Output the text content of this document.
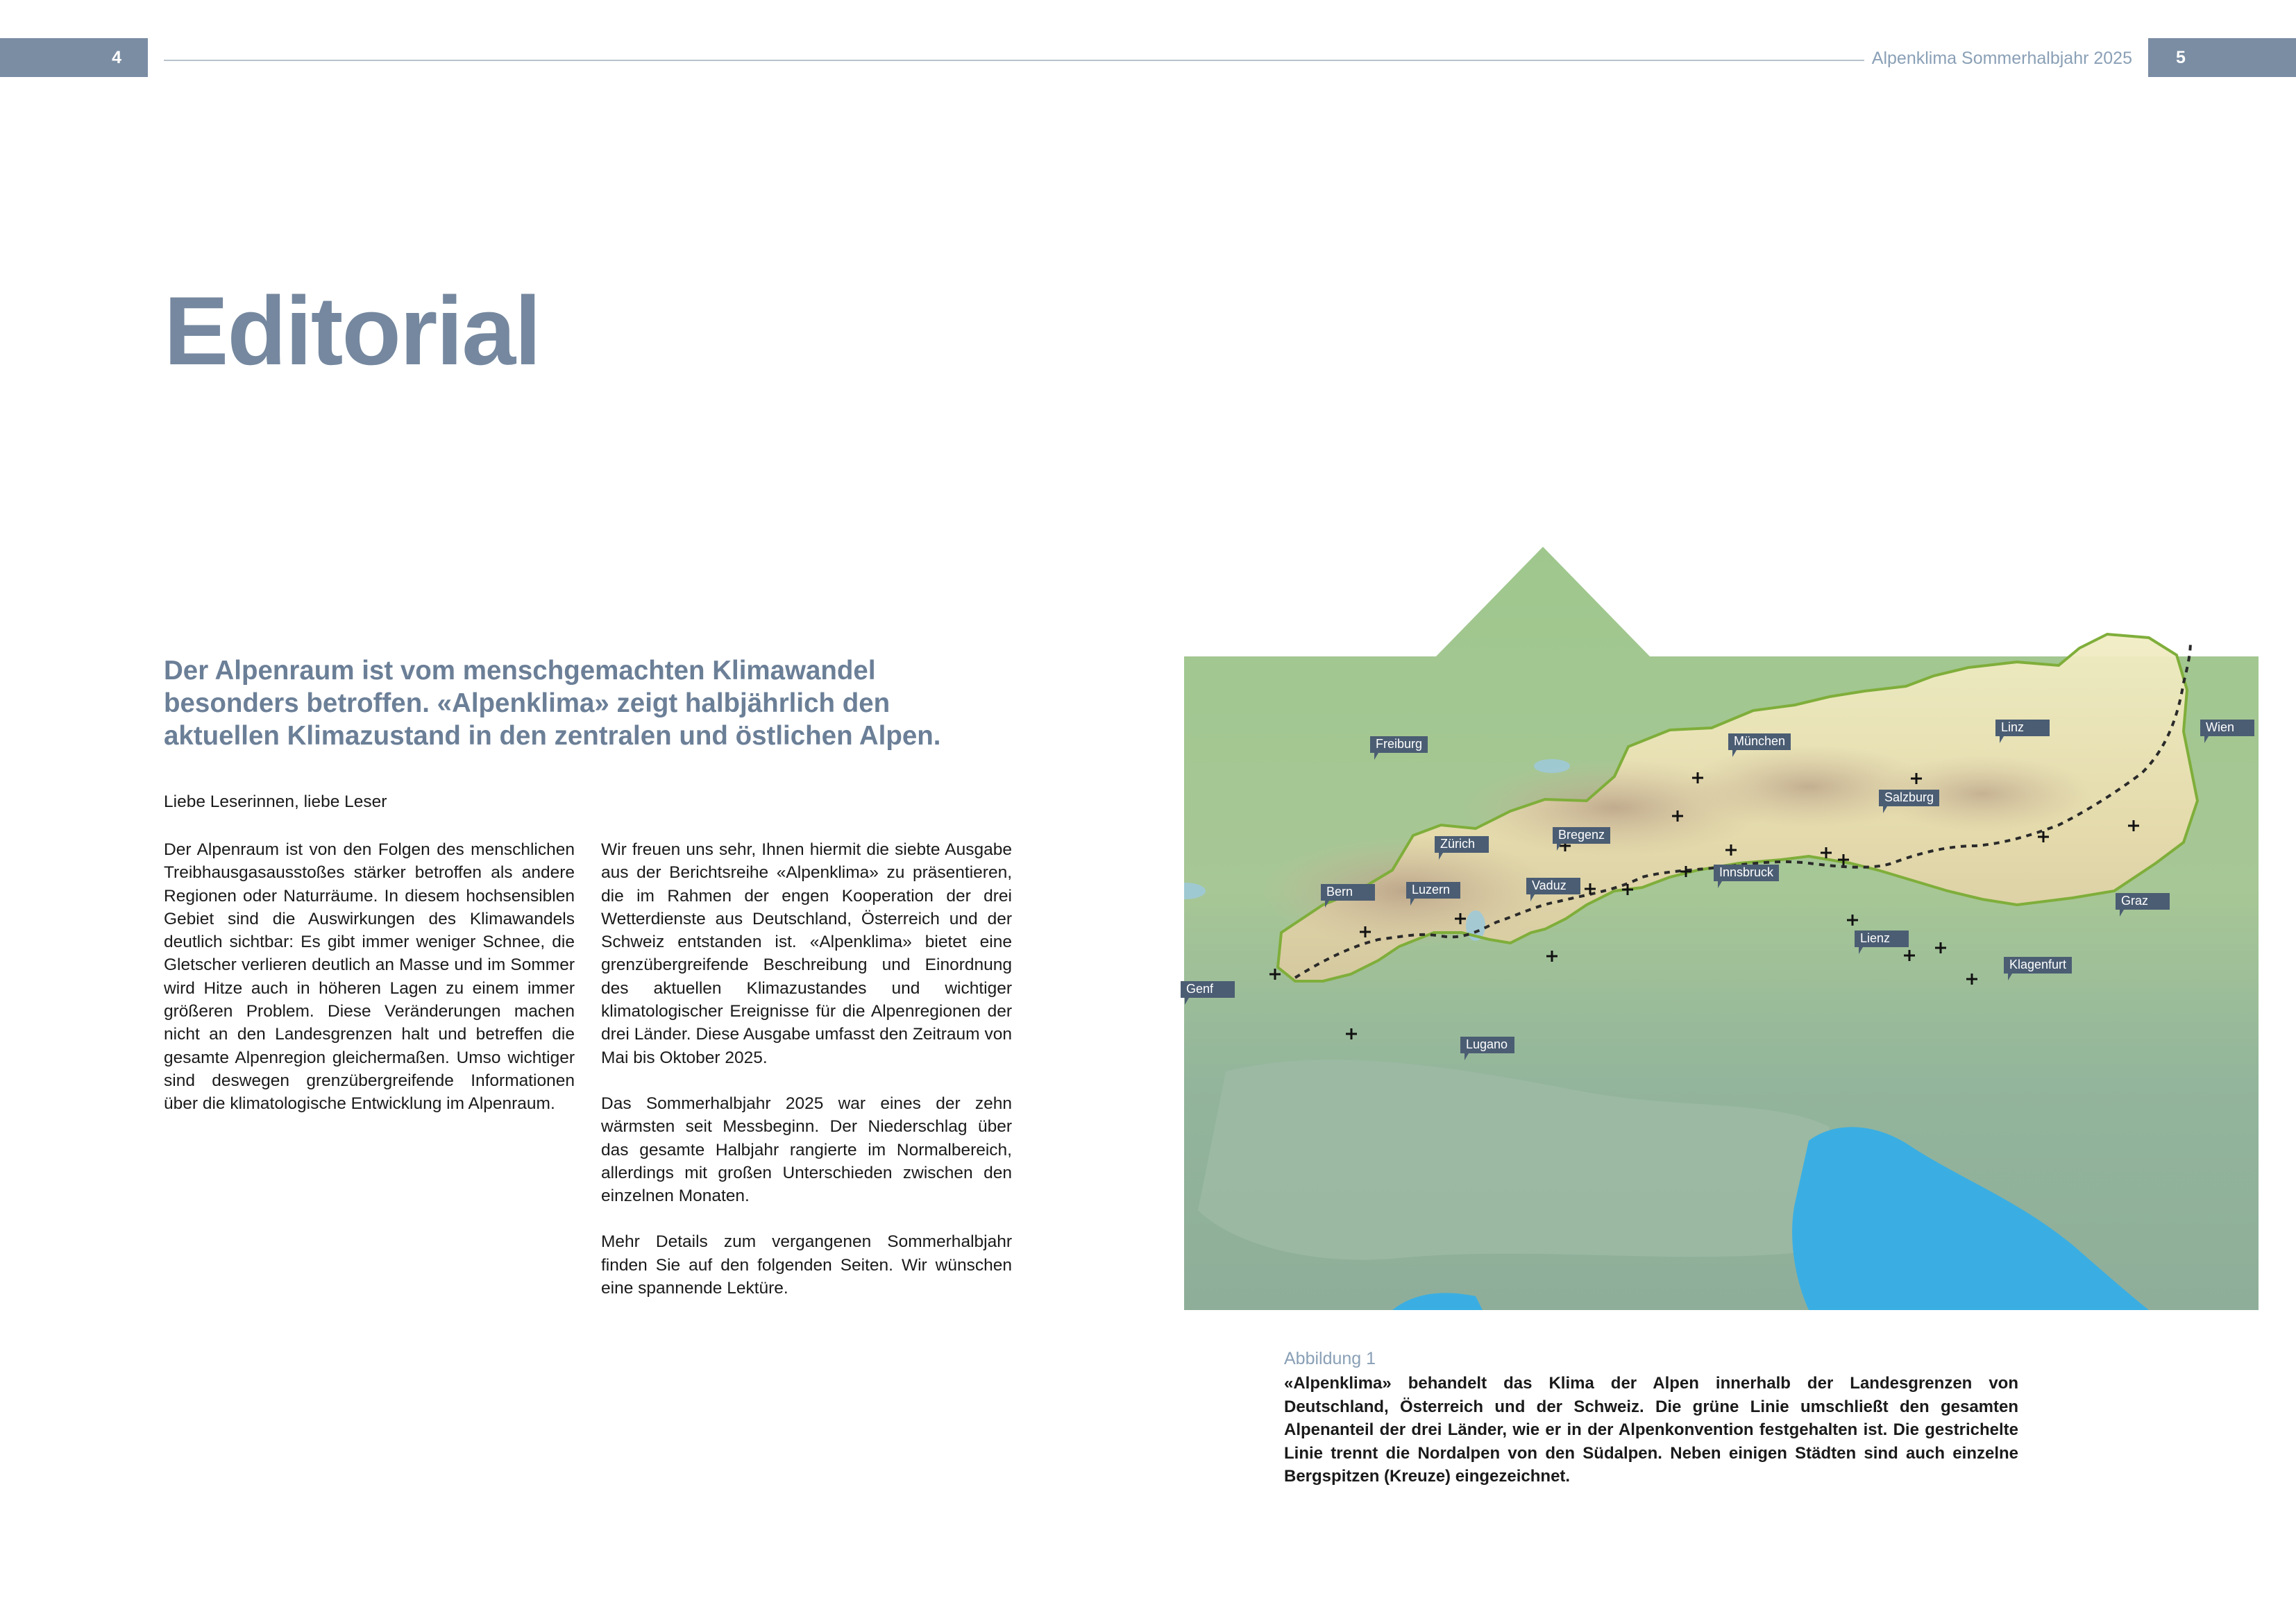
4	Alpenklima Sommerhalbjahr 2025	5
Editorial

Der Alpenraum ist vom menschgemachten Klimawandel besonders betroffen. «Alpenklima» zeigt halbjährlich den aktuellen Klimazustand in den zentralen und östlichen Alpen.

Liebe Leserinnen, liebe Leser

Der Alpenraum ist von den Folgen des menschlichen Treibhausgasausstoßes stärker betroffen als andere Regionen oder Naturräume. In diesem hochsensiblen Gebiet sind die Auswirkungen des Klimawandels deutlich sichtbar: Es gibt immer weniger Schnee, die Gletscher verlieren deutlich an Masse und im Sommer wird Hitze auch in höheren Lagen zu einem immer größeren Problem. Diese Veränderungen machen nicht an den Landesgrenzen halt und betreffen die gesamte Alpenregion gleichermaßen. Umso wichtiger sind deswegen grenzübergreifende Informationen über die klimatologische Entwicklung im Alpenraum.

Wir freuen uns sehr, Ihnen hiermit die siebte Ausgabe aus der Berichtsreihe «Alpenklima» zu präsentieren, die im Rahmen der engen Kooperation der drei Wetterdienste aus Deutschland, Österreich und der Schweiz entstanden ist. «Alpenklima» bietet eine grenzübergreifende Beschreibung und Einordnung des aktuellen Klimazustandes und wichtiger klimatologischer Ereignisse für die Alpenregionen der drei Länder. Diese Ausgabe umfasst den Zeitraum von Mai bis Oktober 2025.

Das Sommerhalbjahr 2025 war eines der zehn wärmsten seit Messbeginn. Der Niederschlag über das gesamte Halbjahr rangierte im Normalbereich, allerdings mit großen Unterschieden zwischen den einzelnen Monaten.

Mehr Details zum vergangenen Sommerhalbjahr finden Sie auf den folgenden Seiten. Wir wünschen eine spannende Lektüre.

Freiburg	München
Linz	Wien
Salzburg
Zürich
Bregenz
Innsbruck
Bern	Luzern	Vaduz
Graz
Lienz
Klagenfurt
Genf
Lugano

Abbildung 1

«Alpenklima» behandelt das Klima der Alpen innerhalb der Landesgrenzen von Deutschland, Österreich und der Schweiz. Die grüne Linie umschließt den gesamten Alpenanteil der drei Länder, wie er in der Alpenkonvention festgehalten ist. Die gestrichelte Linie trennt die Nordalpen von den Südalpen. Neben einigen Städten sind auch einzelne Bergspitzen (Kreuze) eingezeichnet.
